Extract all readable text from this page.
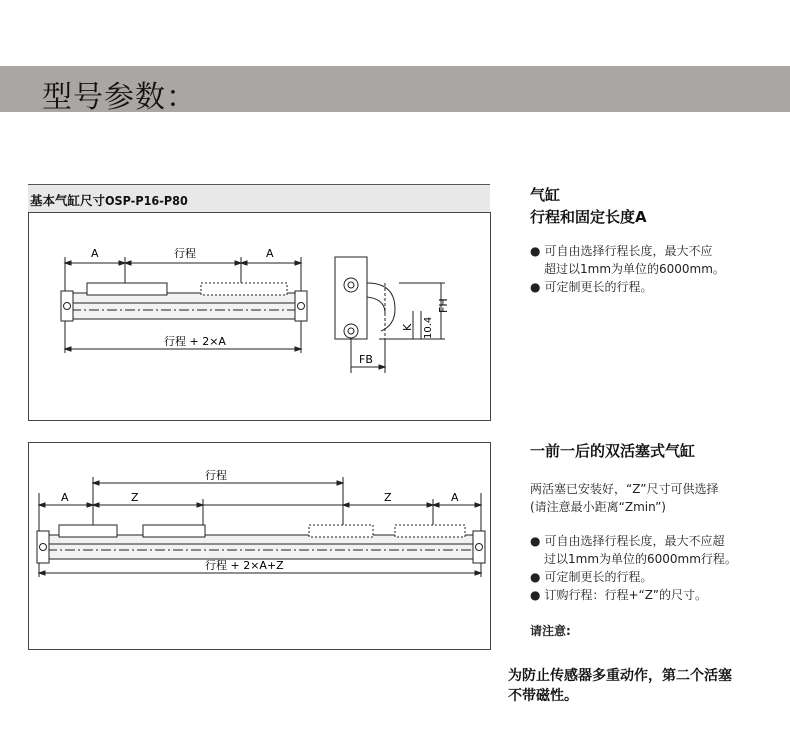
型号参数：
基本气缸尺寸OSP-P16-P80
A	行程	A
行程 + 2×A
FH
K 10.4
FB
行程
A	Z	Z	A
行程 + 2×A+Z
气缸
行程和固定长度A
● 可自由选择行程长度，最大不应
超过以1mm为单位的6000mm。
● 可定制更长的行程。
一前一后的双活塞式气缸
两活塞已安装好，“Z”尺寸可供选择
(请注意最小距离“Zmin”)
● 可自由选择行程长度，最大不应超
过以1mm为单位的6000mm行程。
● 可定制更长的行程。
● 订购行程：行程+“Z”的尺寸。
请注意:
为防止传感器多重动作，第二个活塞
不带磁性。
